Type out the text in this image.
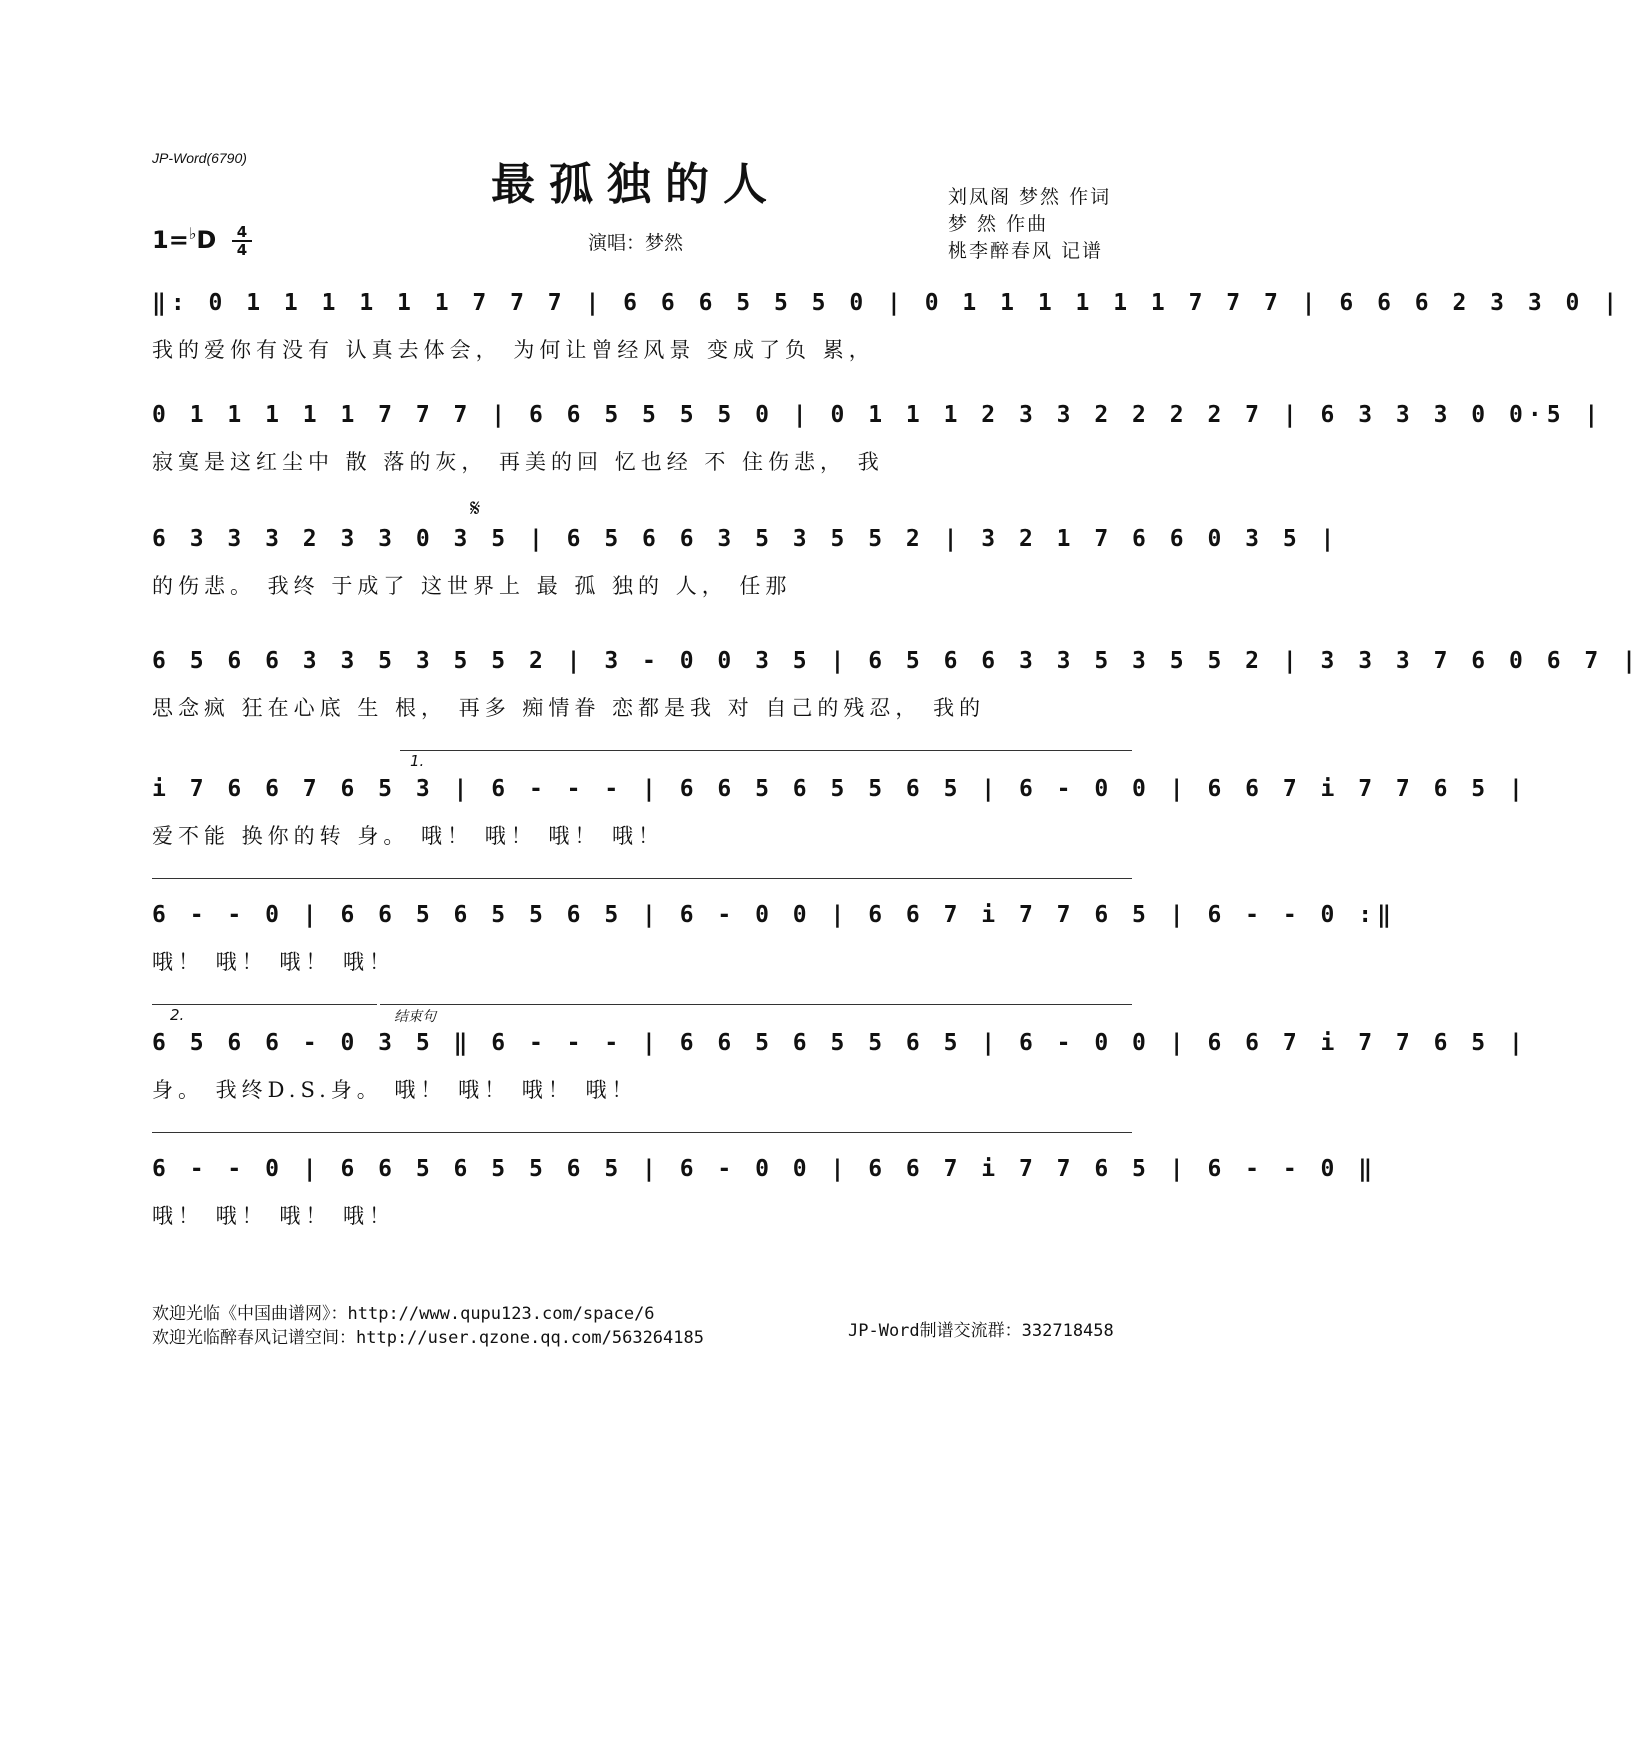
JP-Word(6790)
最孤独的人
1=♭D	4
4	演唱：梦然
刘凤阁 梦然 作词
梦 然 作曲
桃李醉春风 记谱
‖: 0 1 1 1 1 1 1 7 7 7 | 6 6 6 5 5 5 0 | 0 1 1 1 1 1 1 7 7 7 | 6 6 6 2 3 3 0 |
我的爱你有没有 认真去体会， 为何让曾经风景 变成了负 累，
0 1 1 1 1 1 7 7 7 | 6 6 5 5 5 5 0 | 0 1 1 1 2 3 3 2 2 2 2 7 | 6 3 3 3 0 0·5 |
寂寞是这红尘中 散 落的灰， 再美的回 忆也经 不 住伤悲， 我
𝄋
6 3 3 3 2 3 3 0 3 5 | 6 5 6 6 3 5 3 5 5 2 | 3 2 1 7 6 6 0 3 5 |
的伤悲。 我终 于成了 这世界上 最 孤 独的 人， 任那
6 5 6 6 3 3 5 3 5 5 2 | 3 - 0 0 3 5 | 6 5 6 6 3 3 5 3 5 5 2 | 3 3 3 7 6 0 6 7 |
思念疯 狂在心底 生 根， 再多 痴情眷 恋都是我 对 自己的残忍， 我的
1.
i 7 6 6 7 6 5 3 | 6 - - - | 6 6 5 6 5 5 6 5 | 6 - 0 0 | 6 6 7 i 7 7 6 5 |
爱不能 换你的转 身。 哦！ 哦！ 哦！ 哦！
6 - - 0 | 6 6 5 6 5 5 6 5 | 6 - 0 0 | 6 6 7 i 7 7 6 5 | 6 - - 0 :‖
哦！ 哦！ 哦！ 哦！
2.	结束句
6 5 6 6 - 0 3 5 ‖ 6 - - - | 6 6 5 6 5 5 6 5 | 6 - 0 0 | 6 6 7 i 7 7 6 5 |
身。 我终D.S.身。 哦！ 哦！ 哦！ 哦！
6 - - 0 | 6 6 5 6 5 5 6 5 | 6 - 0 0 | 6 6 7 i 7 7 6 5 | 6 - - 0 ‖
哦！ 哦！ 哦！ 哦！
欢迎光临《中国曲谱网》：http://www.qupu123.com/space/6
欢迎光临醉春风记谱空间：http://user.qzone.qq.com/563264185	JP-Word制谱交流群：332718458
